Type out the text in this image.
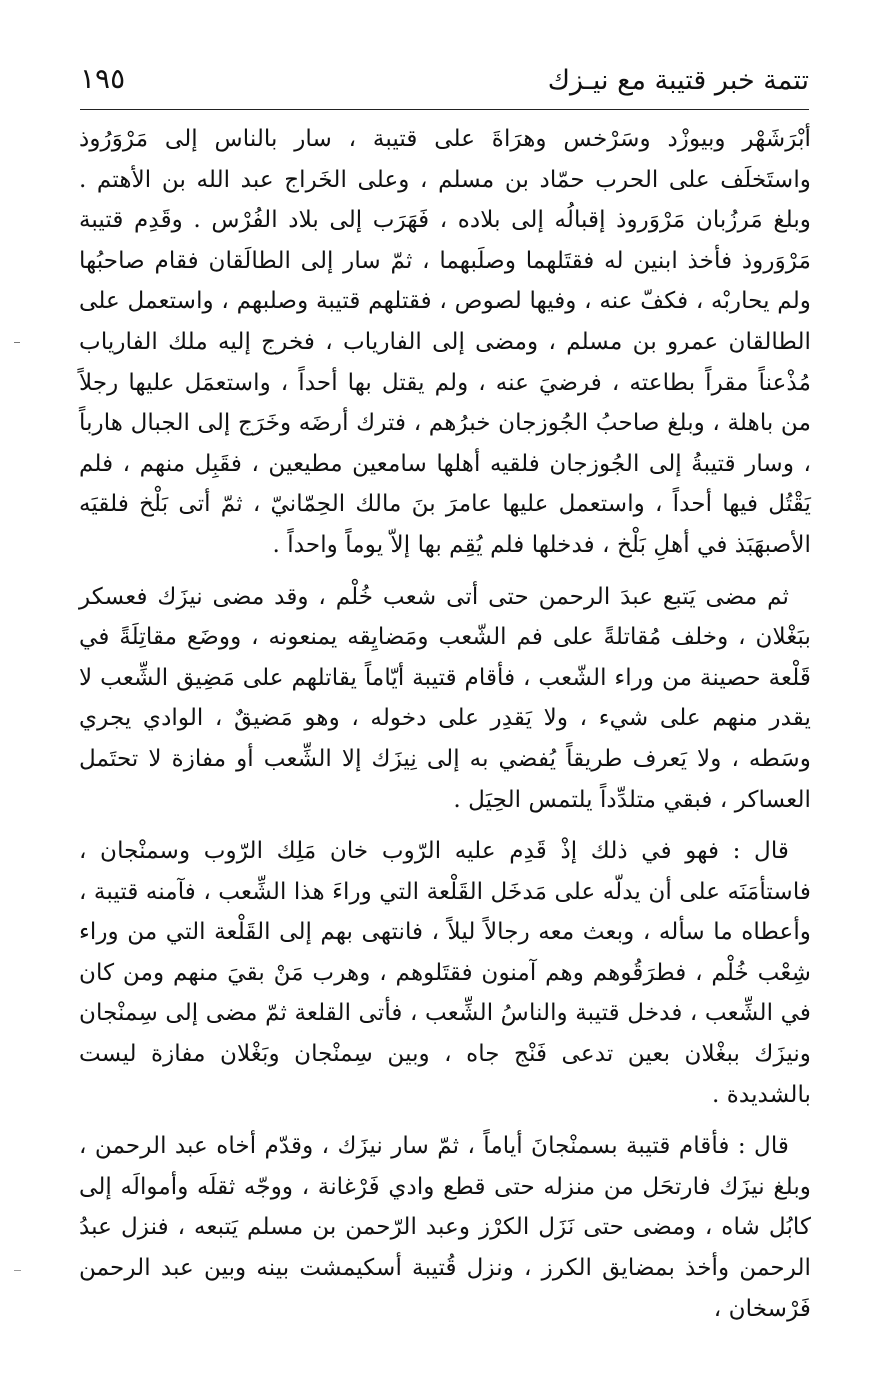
تتمة خبر قتيبة مع نيـزك
١٩٥

أبْرَشَهْر وبيوزْد وسَرْخس وهرَاةَ على قتيبة ، سار بالناس إلى مَرْوَرُوذ واستَخلَف على الحرب حمّاد بن مسلم ، وعلى الخَراج عبد الله بن الأهتم . وبلغ مَرزُبان مَرْوَروذ إقبالُه إلى بلاده ، فَهَرَب إلى بلاد الفُرْس . وقَدِم قتيبة مَرْوَروذ فأخذ ابنين له فقتَلهما وصلَبهما ، ثمّ سار إلى الطالَقان فقام صاحبُها ولم يحاربْه ، فكفّ عنه ، وفيها لصوص ، فقتلهم قتيبة وصلبهم ، واستعمل على الطالقان عمرو بن مسلم ، ومضى إلى الفارياب ، فخرج إليه ملك الفارياب مُذْعناً مقراً بطاعته ، فرضيَ عنه ، ولم يقتل بها أحداً ، واستعمَل عليها رجلاً من باهلة ، وبلغ صاحبُ الجُوزجان خبرُهم ، فترك أرضَه وخَرَج إلى الجبال هارباً ، وسار قتيبةُ إلى الجُوزجان فلقيه أهلها سامعين مطيعين ، فقَبِل منهم ، فلم يَقْتُل فيها أحداً ، واستعمل عليها عامرَ بنَ مالك الحِمّانيّ ، ثمّ أتى بَلْخ فلقيَه الأصبهَبَذ في أهلِ بَلْخ ، فدخلها فلم يُقِم بها إلاّ يوماً واحداً .

ثم مضى يَتبع عبدَ الرحمن حتى أتى شعب خُلْم ، وقد مضى نيزَك فعسكر ببَغْلان ، وخلف مُقاتلةً على فم الشّعب ومَضايِقه يمنعونه ، ووضَع مقاتِلَةً في قَلْعة حصينة من وراء الشّعب ، فأقام قتيبة أيّاماً يقاتلهم على مَضِيق الشِّعب لا يقدر منهم على شيء ، ولا يَقدِر على دخوله ، وهو مَضيقٌ ، الوادي يجري وسَطه ، ولا يَعرف طريقاً يُفضي به إلى نِيزَك إلا الشِّعب أو مفازة لا تحتَمل العساكر ، فبقي متلدِّداً يلتمس الحِيَل .

قال : فهو في ذلك إذْ قَدِم عليه الرّوب خان مَلِك الرّوب وسمنْجان ، فاستأمَنَه على أن يدلّه على مَدخَل القَلْعة التي وراءَ هذا الشِّعب ، فآمنه قتيبة ، وأعطاه ما سأله ، وبعث معه رجالاً ليلاً ، فانتهى بهم إلى القَلْعة التي من وراء شِعْب خُلْم ، فطرَقُوهم وهم آمنون فقتَلوهم ، وهرب مَنْ بقيَ منهم ومن كان في الشِّعب ، فدخل قتيبة والناسُ الشِّعب ، فأتى القلعة ثمّ مضى إلى سِمنْجان ونيزَك ببغْلان بعين تدعى فَنْج جاه ، وبين سِمنْجان وبَغْلان مفازة ليست بالشديدة .

قال : فأقام قتيبة بسمنْجانَ أياماً ، ثمّ سار نيزَك ، وقدّم أخاه عبد الرحمن ، وبلغ نيزَك فارتحَل من منزله حتى قطع وادي فَرْغانة ، ووجّه ثقلَه وأموالَه إلى كابُل شاه ، ومضى حتى نَزَل الكرْز وعبد الرّحمن بن مسلم يَتبعه ، فنزل عبدُ الرحمن وأخذ بمضايق الكرز ، ونزل قُتيبة أسكيمشت بينه وبين عبد الرحمن فَرْسخان ،
